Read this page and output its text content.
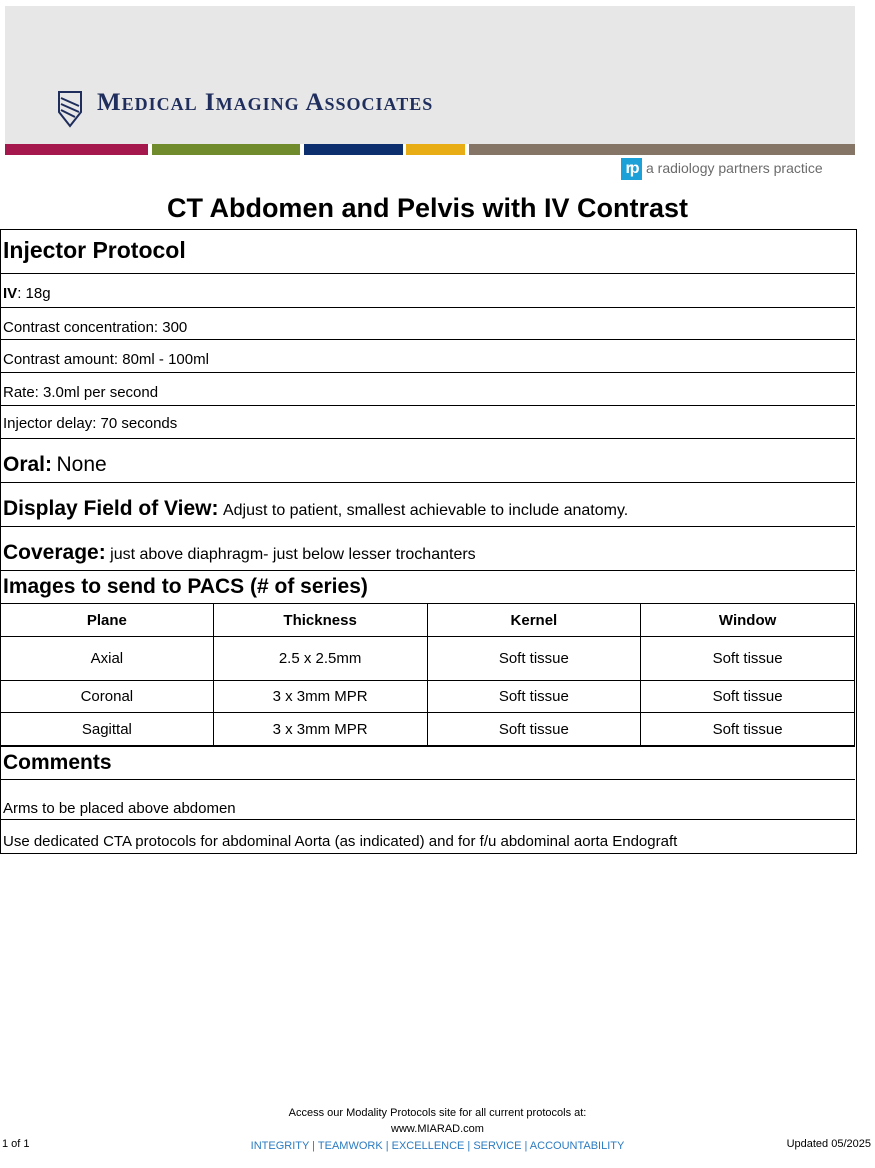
Medical Imaging Associates
rp a radiology partners practice
CT Abdomen and Pelvis with IV Contrast
Injector Protocol
IV: 18g
Contrast concentration: 300
Contrast amount: 80ml - 100ml
Rate: 3.0ml per second
Injector delay: 70 seconds
Oral: None
Display Field of View: Adjust to patient, smallest achievable to include anatomy.
Coverage: just above diaphragm- just below lesser trochanters
Images to send to PACS (# of series)
Plane	Thickness	Kernel	Window
Axial	2.5 x 2.5mm	Soft tissue	Soft tissue
Coronal	3 x 3mm MPR	Soft tissue	Soft tissue
Sagittal	3 x 3mm MPR	Soft tissue	Soft tissue
Comments
Arms to be placed above abdomen
Use dedicated CTA protocols for abdominal Aorta (as indicated) and for f/u abdominal aorta Endograft
Access our Modality Protocols site for all current protocols at:
www.MIARAD.com
INTEGRITY | TEAMWORK | EXCELLENCE | SERVICE | ACCOUNTABILITY
1 of 1	Updated 05/2025
